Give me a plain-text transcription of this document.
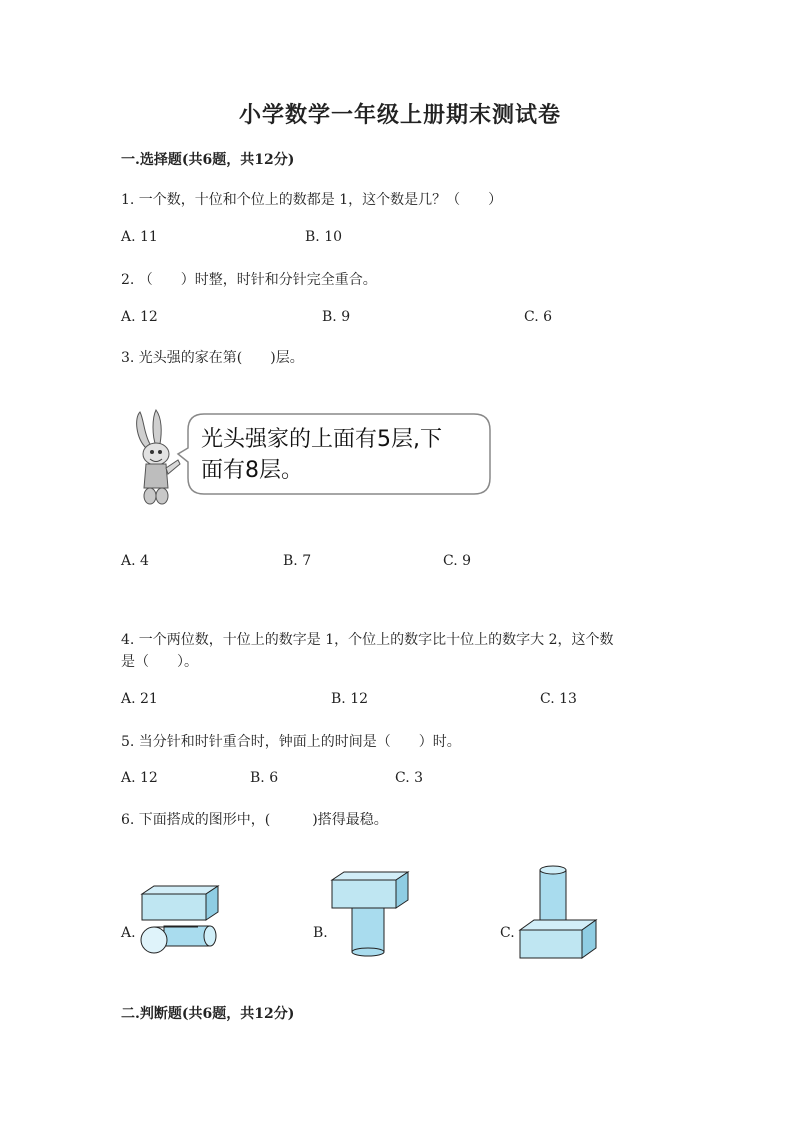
小学数学一年级上册期末测试卷
一.选择题(共6题，共12分)
1. 一个数，十位和个位上的数都是 1，这个数是几？（　　）
A. 11	B. 10
2. （　　）时整，时针和分针完全重合。
A. 12	B. 9	C. 6
3. 光头强的家在第(　　)层。
光头强家的上面有5层,下
面有8层。
A. 4	B. 7	C. 9
4. 一个两位数，十位上的数字是 1，个位上的数字比十位上的数字大 2，这个数
是（　　）。
A. 21	B. 12	C. 13
5. 当分针和时针重合时，钟面上的时间是（　　）时。
A. 12	B. 6	C. 3
6. 下面搭成的图形中，(　　　)搭得最稳。
A.	B.	C.
二.判断题(共6题，共12分)
